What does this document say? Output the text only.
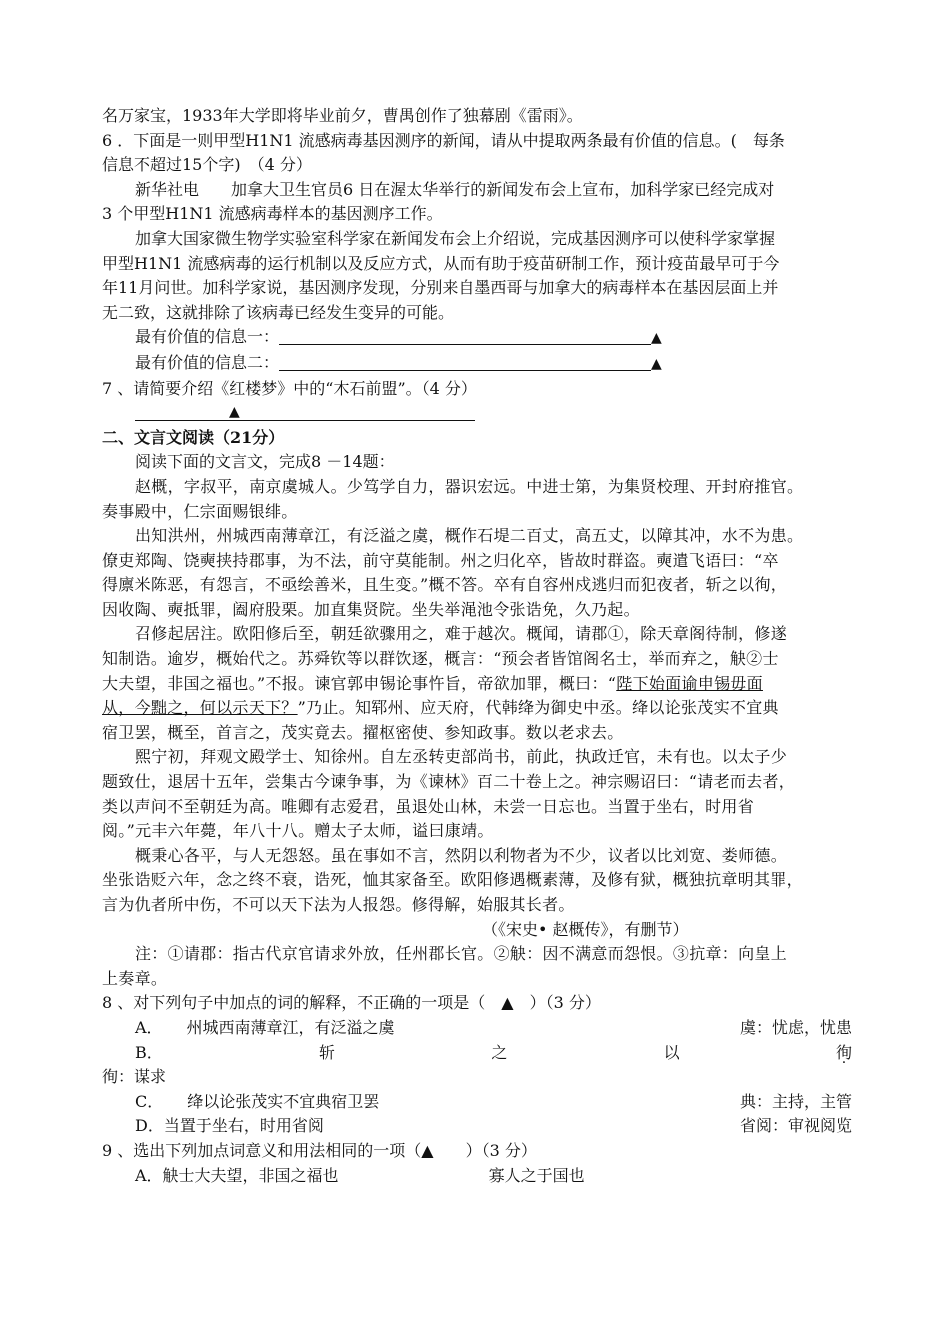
名万家宝，1933年大学即将毕业前夕，曹禺创作了独幕剧《雷雨》。
6 ．下面是一则甲型H1N1 流感病毒基因测序的新闻，请从中提取两条最有价值的信息。(　每条
信息不超过15个字)　（4 分）
新华社电　　加拿大卫生官员6 日在渥太华举行的新闻发布会上宣布，加科学家已经完成对
3 个甲型H1N1 流感病毒样本的基因测序工作。
加拿大国家微生物学实验室科学家在新闻发布会上介绍说，完成基因测序可以使科学家掌握
甲型H1N1 流感病毒的运行机制以及反应方式，从而有助于疫苗研制工作，预计疫苗最早可于今
年11月问世。加科学家说，基因测序发现，分别来自墨西哥与加拿大的病毒样本在基因层面上并
无二致，这就排除了该病毒已经发生变异的可能。
最有价值的信息一：	▲
最有价值的信息二：	▲
7 、请简要介绍《红楼梦》中的“木石前盟”。（4 分）
▲
二、文言文阅读（21分）
阅读下面的文言文，完成8 －14题：
赵概，字叔平，南京虞城人。少笃学自力，器识宏远。中进士第，为集贤校理、开封府推官。
奏事殿中，仁宗面赐银绯。
出知洪州，州城西南薄章江，有泛溢之虞，概作石堤二百丈，高五丈，以障其冲，水不为患。
僚吏郑陶、饶奭挟持郡事，为不法，前守莫能制。州之归化卒，皆故时群盗。奭遣飞语曰：“卒
得廪米陈恶，有怨言，不亟绘善米，且生变。”概不答。卒有自容州戍逃归而犯夜者，斩之以徇，
因收陶、奭抵罪，阖府股栗。加直集贤院。坐失举渑池令张诰免，久乃起。
召修起居注。欧阳修后至，朝廷欲骤用之，难于越次。概闻，请郡①，除天章阁待制，修遂
知制诰。逾岁，概始代之。苏舜钦等以群饮逐，概言：“预会者皆馆阁名士，举而弃之，觖②士
大夫望，非国之福也。”不报。谏官郭申锡论事忤旨，帝欲加罪，概曰：“陛下始面谕申锡毋面
从，今黜之，何以示天下？”乃止。知郓州、应天府，代韩绛为御史中丞。绛以论张茂实不宜典
宿卫罢，概至，首言之，茂实竟去。擢枢密使、参知政事。数以老求去。
熙宁初，拜观文殿学士、知徐州。自左丞转吏部尚书，前此，执政迁官，未有也。以太子少
题致仕，退居十五年，尝集古今谏争事，为《谏林》百二十卷上之。神宗赐诏曰：“请老而去者，
类以声问不至朝廷为高。唯卿有志爱君，虽退处山林，未尝一日忘也。当置于坐右，时用省
阅。”元丰六年薨，年八十八。赠太子太师，谥曰康靖。
概秉心各平，与人无怨怒。虽在事如不言，然阴以利物者为不少，议者以比刘宽、娄师德。
坐张诰贬六年，念之终不衰，诰死，恤其家备至。欧阳修遇概素薄，及修有狱，概独抗章明其罪，
言为仇者所中伤，不可以天下法为人报怨。修得解，始服其长者。
（《宋史• 赵概传》，有删节）
注：①请郡：指古代京官请求外放，任州郡长官。②觖：因不满意而怨恨。③抗章：向皇上
上奏章。
8 、对下列句子中加点的词的解释，不正确的一项是（　▲　）（3 分）
A．　　州城西南薄章江，有泛溢之虞	虞：忧虑，忧患
B．	斩	之	以	徇 ·
徇：谋求
C．　　绛以论张茂实不宜典宿卫罢	典：主持，主管
D．当置于坐右，时用省阅	省阅：审视阅览
9 、选出下列加点词意义和用法相同的一项（▲　　）（3 分）
A．觖士大夫望，非国之福也	寡人之于国也
